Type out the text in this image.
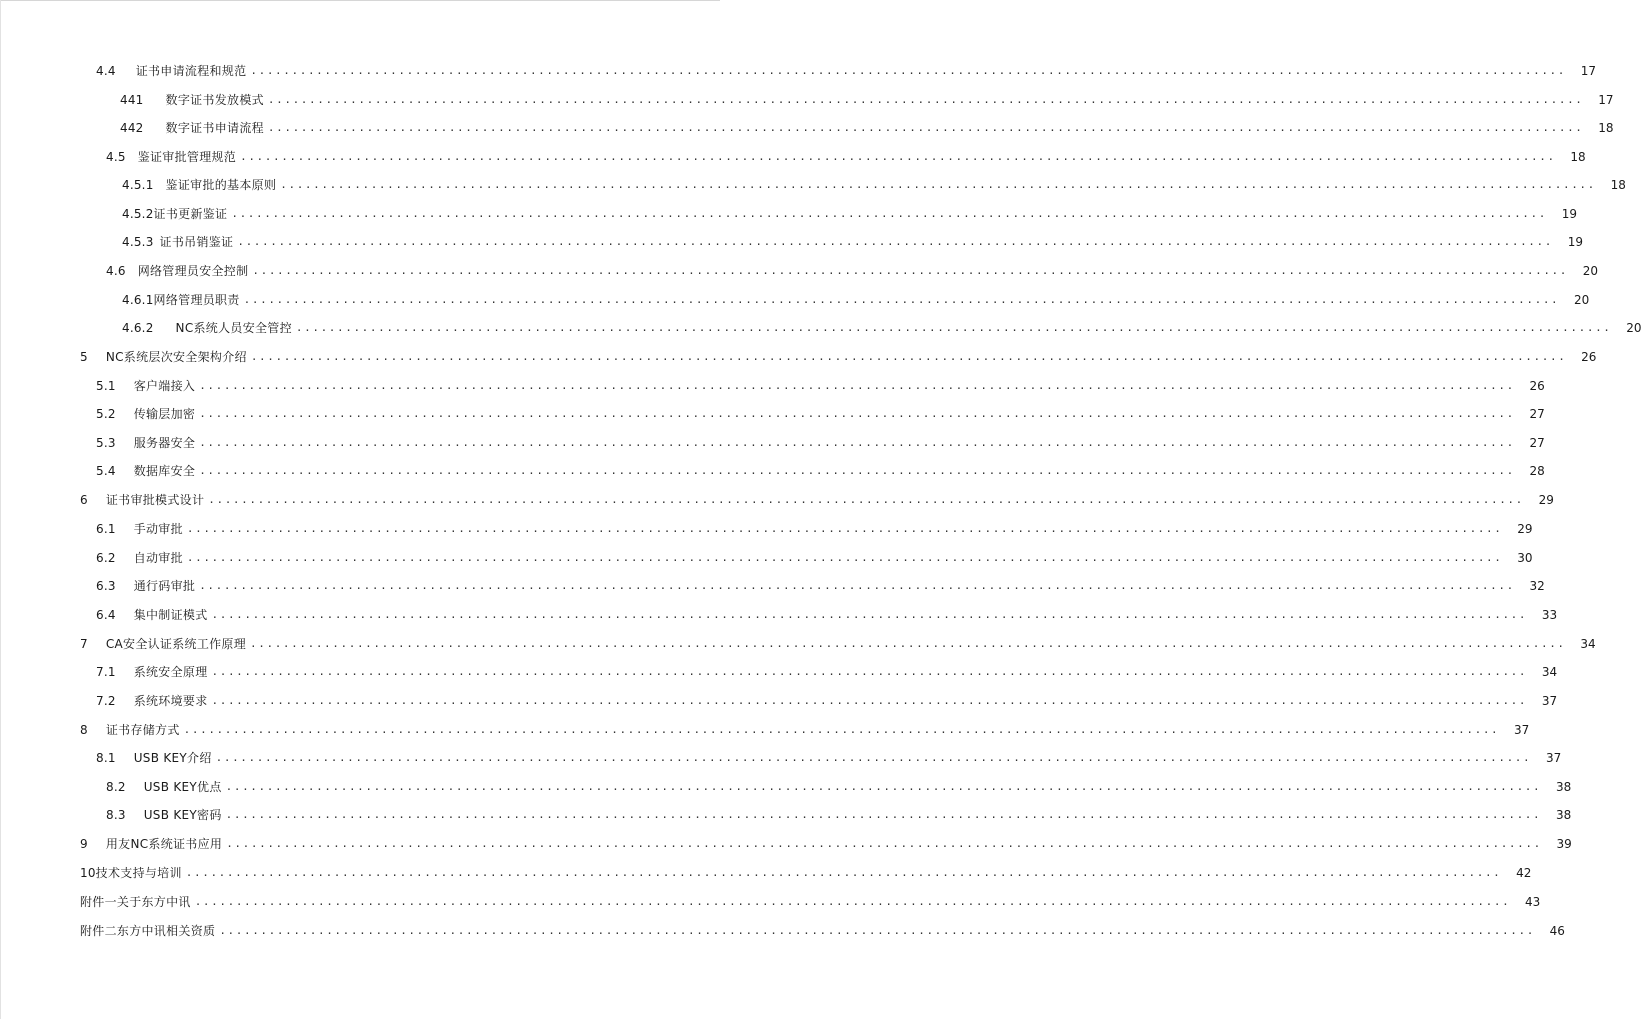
4.4 证书申请流程和规范 ................................................................................................................................................................	17
441 数字证书发放模式 ................................................................................................................................................................	17
442 数字证书申请流程 ................................................................................................................................................................	18
4.5 鉴证审批管理规范 ................................................................................................................................................................	18
4.5.1 鉴证审批的基本原则 ................................................................................................................................................................	18
4.5.2 证书更新鉴证 ................................................................................................................................................................	19
4.5.3 证书吊销鉴证 ................................................................................................................................................................	19
4.6 网络管理员安全控制 ................................................................................................................................................................	20
4.6.1 网络管理员职责 ................................................................................................................................................................	20
4.6.2 NC系统人员安全管控 ................................................................................................................................................................	20
5 NC系统层次安全架构介绍 ................................................................................................................................................................	26
5.1 客户端接入 ................................................................................................................................................................	26
5.2 传输层加密 ................................................................................................................................................................	27
5.3 服务器安全 ................................................................................................................................................................	27
5.4 数据库安全 ................................................................................................................................................................	28
6 证书审批模式设计 ................................................................................................................................................................	29
6.1 手动审批 ................................................................................................................................................................	29
6.2 自动审批 ................................................................................................................................................................	30
6.3 通行码审批 ................................................................................................................................................................	32
6.4 集中制证模式 ................................................................................................................................................................	33
7 CA安全认证系统工作原理 ................................................................................................................................................................	34
7.1 系统安全原理 ................................................................................................................................................................	34
7.2 系统环境要求 ................................................................................................................................................................	37
8 证书存储方式 ................................................................................................................................................................	37
8.1 USB KEY介绍 ................................................................................................................................................................	37
8.2 USB KEY优点 ................................................................................................................................................................	38
8.3 USB KEY密码 ................................................................................................................................................................	38
9 用友NC系统证书应用 ................................................................................................................................................................	39
10 技术支持与培训 ................................................................................................................................................................	42
附件一关于东方中讯 ................................................................................................................................................................	43
附件二东方中讯相关资质 ................................................................................................................................................................	46
